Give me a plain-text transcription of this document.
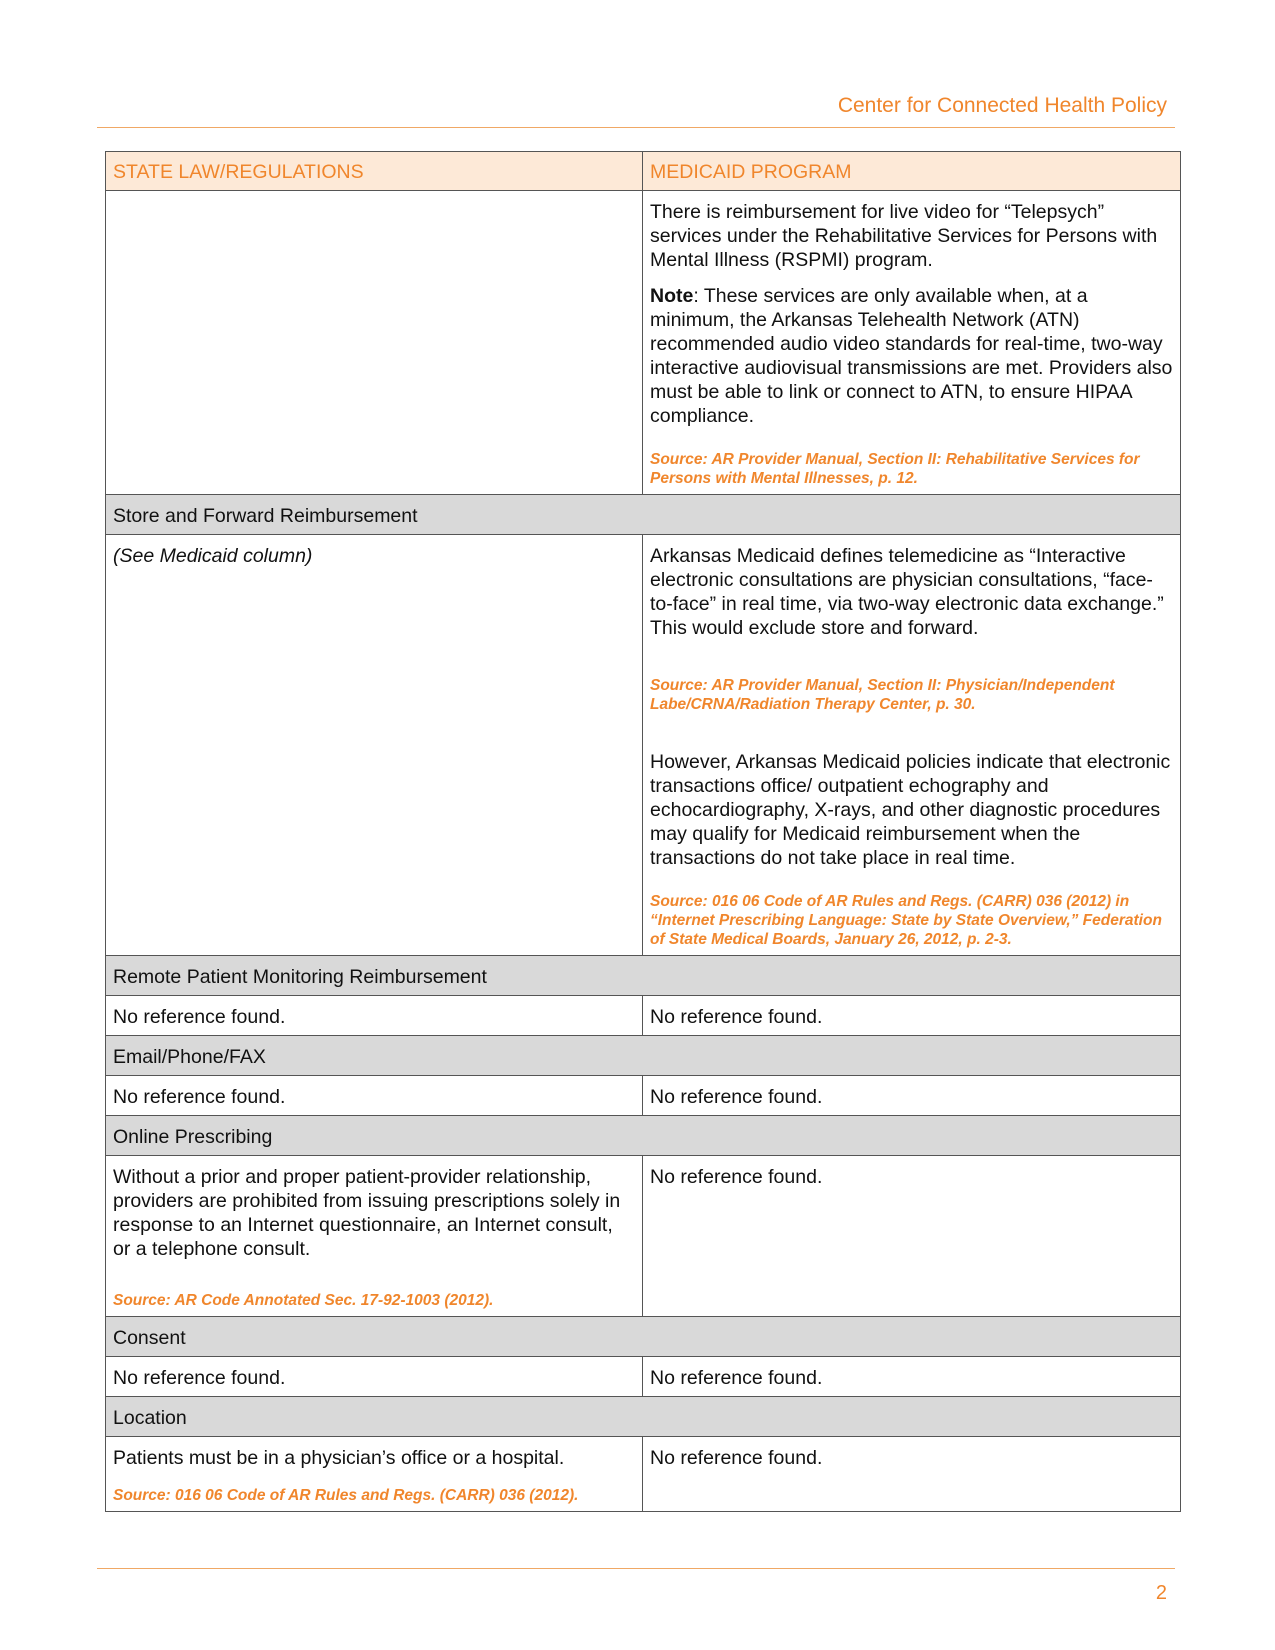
Center for Connected Health Policy
STATE LAW/REGULATIONS	MEDICAID PROGRAM

	There is reimbursement for live video for “Telepsych” services under the Rehabilitative Services for Persons with Mental Illness (RSPMI) program.
Note: These services are only available when, at a minimum, the Arkansas Telehealth Network (ATN) recommended audio video standards for real-time, two-way interactive audiovisual transmissions are met. Providers also must be able to link or connect to ATN, to ensure HIPAA compliance.
Source: AR Provider Manual, Section II: Rehabilitative Services for Persons with Mental Illnesses, p. 12.

Store and Forward Reimbursement	
(See Medicaid column)	Arkansas Medicaid defines telemedicine as “Interactive electronic consultations are physician consultations, “face-to-face” in real time, via two-way electronic data exchange.” This would exclude store and forward.
Source: AR Provider Manual, Section II: Physician/Independent Labe/CRNA/Radiation Therapy Center, p. 30.
However, Arkansas Medicaid policies indicate that electronic transactions office/ outpatient echography and echocardiography, X-rays, and other diagnostic procedures may qualify for Medicaid reimbursement when the transactions do not take place in real time.
Source: 016 06 Code of AR Rules and Regs. (CARR) 036 (2012) in “Internet Prescribing Language: State by State Overview,” Federation of State Medical Boards, January 26, 2012, p. 2-3.

Remote Patient Monitoring Reimbursement	
No reference found.	No reference found.
Email/Phone/FAX	
No reference found.	No reference found.
Online Prescribing	

Without a prior and proper patient-provider relationship, providers are prohibited from issuing prescriptions solely in response to an Internet questionnaire, an Internet consult, or a telephone consult.
Source: AR Code Annotated Sec. 17-92-1003 (2012).	No reference found.
Consent	
No reference found.	No reference found.
Location	

Patients must be in a physician’s office or a hospital.
Source: 016 06 Code of AR Rules and Regs. (CARR) 036 (2012).	No reference found.
2
